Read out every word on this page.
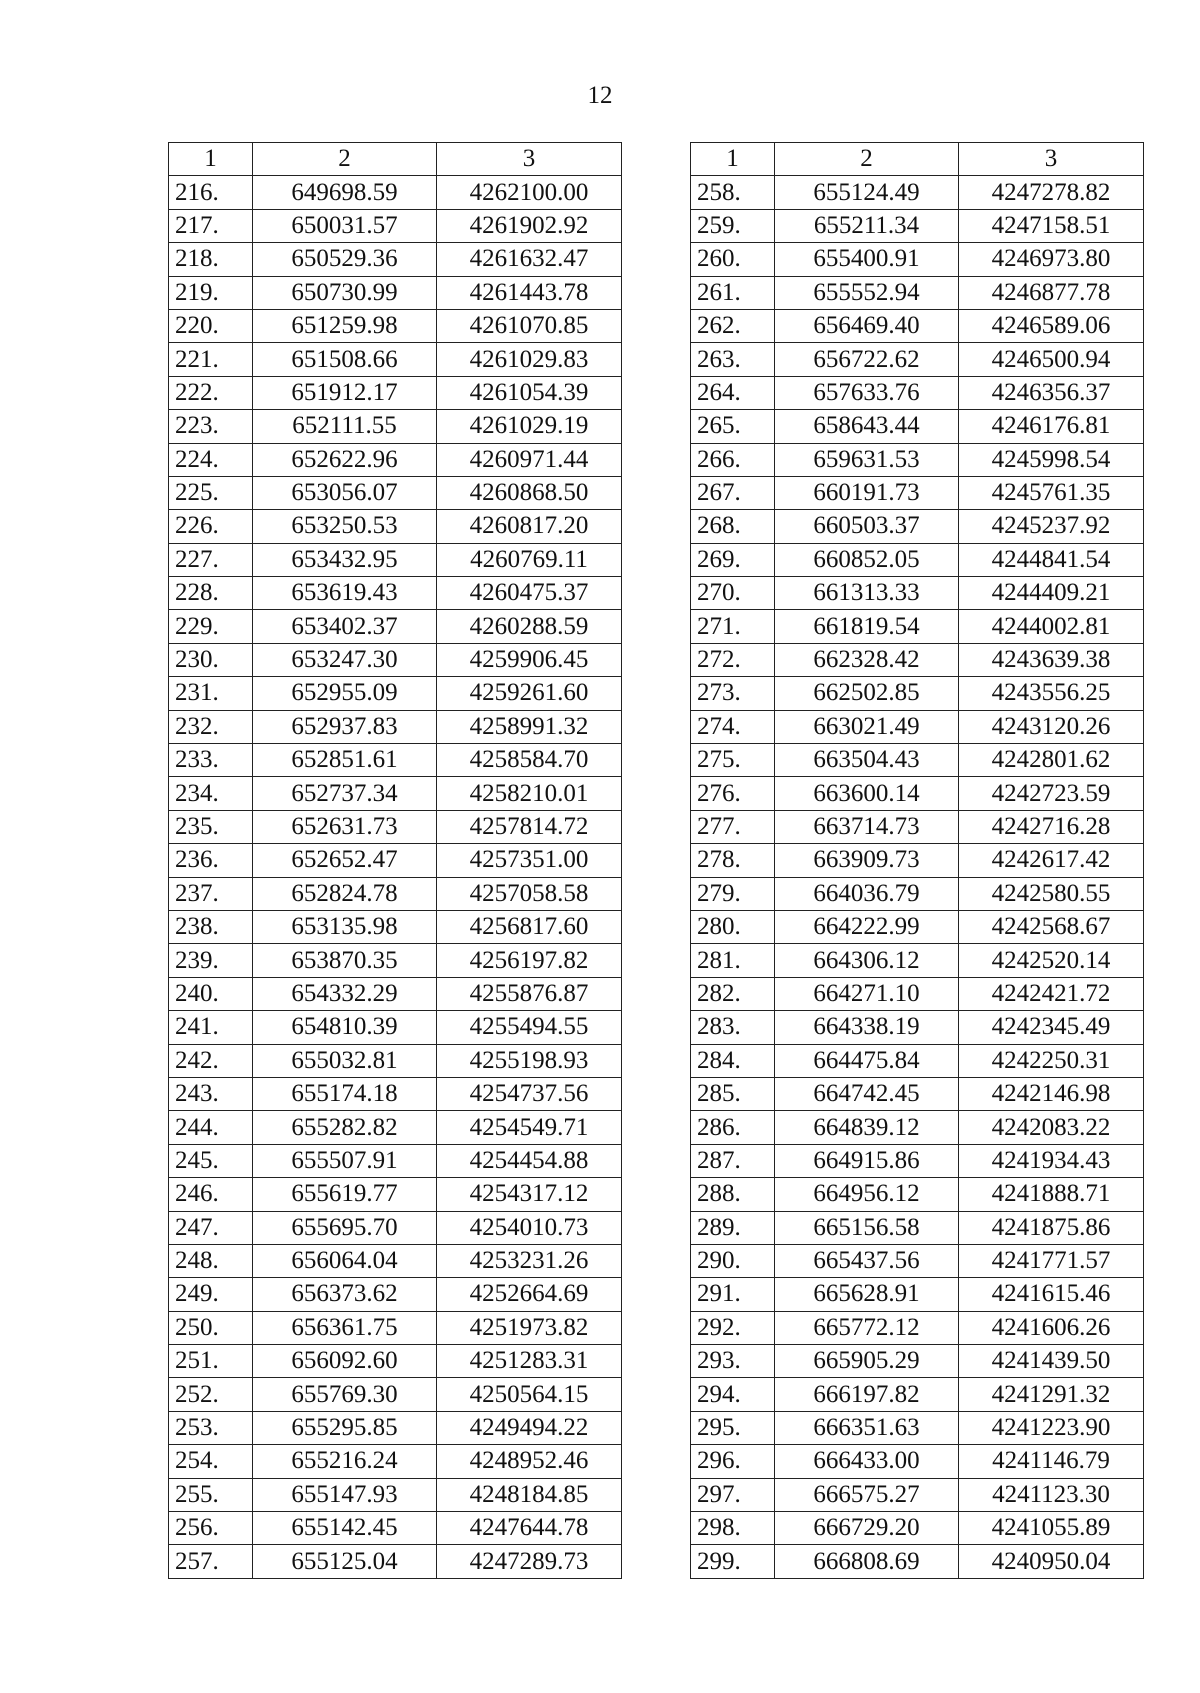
12
1	2	3
216.	649698.59	4262100.00
217.	650031.57	4261902.92
218.	650529.36	4261632.47
219.	650730.99	4261443.78
220.	651259.98	4261070.85
221.	651508.66	4261029.83
222.	651912.17	4261054.39
223.	652111.55	4261029.19
224.	652622.96	4260971.44
225.	653056.07	4260868.50
226.	653250.53	4260817.20
227.	653432.95	4260769.11
228.	653619.43	4260475.37
229.	653402.37	4260288.59
230.	653247.30	4259906.45
231.	652955.09	4259261.60
232.	652937.83	4258991.32
233.	652851.61	4258584.70
234.	652737.34	4258210.01
235.	652631.73	4257814.72
236.	652652.47	4257351.00
237.	652824.78	4257058.58
238.	653135.98	4256817.60
239.	653870.35	4256197.82
240.	654332.29	4255876.87
241.	654810.39	4255494.55
242.	655032.81	4255198.93
243.	655174.18	4254737.56
244.	655282.82	4254549.71
245.	655507.91	4254454.88
246.	655619.77	4254317.12
247.	655695.70	4254010.73
248.	656064.04	4253231.26
249.	656373.62	4252664.69
250.	656361.75	4251973.82
251.	656092.60	4251283.31
252.	655769.30	4250564.15
253.	655295.85	4249494.22
254.	655216.24	4248952.46
255.	655147.93	4248184.85
256.	655142.45	4247644.78
257.	655125.04	4247289.73
1	2	3
258.	655124.49	4247278.82
259.	655211.34	4247158.51
260.	655400.91	4246973.80
261.	655552.94	4246877.78
262.	656469.40	4246589.06
263.	656722.62	4246500.94
264.	657633.76	4246356.37
265.	658643.44	4246176.81
266.	659631.53	4245998.54
267.	660191.73	4245761.35
268.	660503.37	4245237.92
269.	660852.05	4244841.54
270.	661313.33	4244409.21
271.	661819.54	4244002.81
272.	662328.42	4243639.38
273.	662502.85	4243556.25
274.	663021.49	4243120.26
275.	663504.43	4242801.62
276.	663600.14	4242723.59
277.	663714.73	4242716.28
278.	663909.73	4242617.42
279.	664036.79	4242580.55
280.	664222.99	4242568.67
281.	664306.12	4242520.14
282.	664271.10	4242421.72
283.	664338.19	4242345.49
284.	664475.84	4242250.31
285.	664742.45	4242146.98
286.	664839.12	4242083.22
287.	664915.86	4241934.43
288.	664956.12	4241888.71
289.	665156.58	4241875.86
290.	665437.56	4241771.57
291.	665628.91	4241615.46
292.	665772.12	4241606.26
293.	665905.29	4241439.50
294.	666197.82	4241291.32
295.	666351.63	4241223.90
296.	666433.00	4241146.79
297.	666575.27	4241123.30
298.	666729.20	4241055.89
299.	666808.69	4240950.04
